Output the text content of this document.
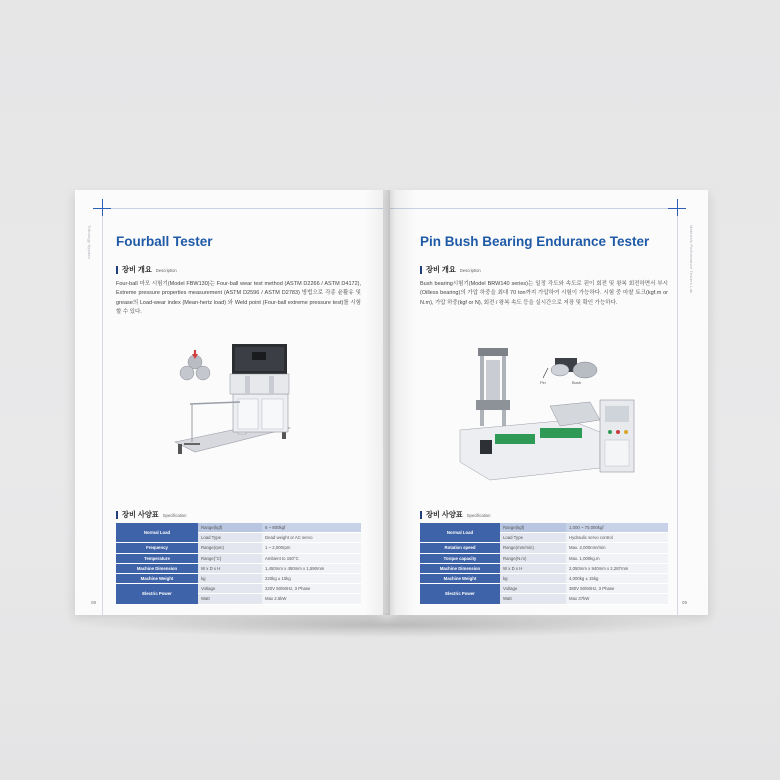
Tribology System Fourball Tester
장비 개요 Description
Four-ball 마모 시험기(Model FBW130)는 Four-ball wear test method (ASTM D2266 / ASTM D4172), Extreme pressure properties measurement (ASTM D2596 / ASTM D2783) 방법으로 각종 윤활유 및 grease의 Load-wear index (Mean-hertz load) 와 Weld point (Four-ball extreme pressure test)를 시험할 수 있다.
장비 사양표 Specification
Normal Load	Range(kgf)	6 ~ 800kgf
	Load Type	Dead weight or AC servo
Frequency	Range(rpm)	1 ~ 2,000rpm
Temperature	Range(°C)	Ambient to 150°C
Machine Dimension	W x D x H	1,450mm x 450mm x 1,590mm
Machine Weight	kg	220kg ± 10kg
Electric Power	Voltage	220V 50/60Hz, 3 Phase
	Watt	Max 2.5kW
08
Materials Performance Testers Lab
Pin Bush Bearing Endurance Tester
장비 개요 Description
Bush bearing시험기(Model BRW140 series)는 일정 각도와 속도로 핀이 회전 및 왕복 회전하면서 부시(Oilless bearing)의 가압 하중을 최대 70 ton까지 가압하여 시험이 가능하다. 시험 중 마찰 토크(kgf.m or N.m), 가압 하중(kgf or N), 회전 / 왕복 속도 등을 실시간으로 저장 및 확인 가능하다.
Pin	Bush
장비 사양표 Specification
Normal Load	Range(kgf)	1,000 ~ 70,000kgf
	Load Type	Hydraulic servo control
Rotation speed	Range(mm/min)	Max. 2,000mm/min
Torque capacity	Range(N.m)	Max. 1,000kg.m
Machine Dimension	W x D x H	2,050mm x 940mm x 2,287mm
Machine Weight	kg	4,000kg ± 15kg
Electric Power	Voltage	380V 50/60Hz, 3 Phase
	Watt	Max 37kW
09
